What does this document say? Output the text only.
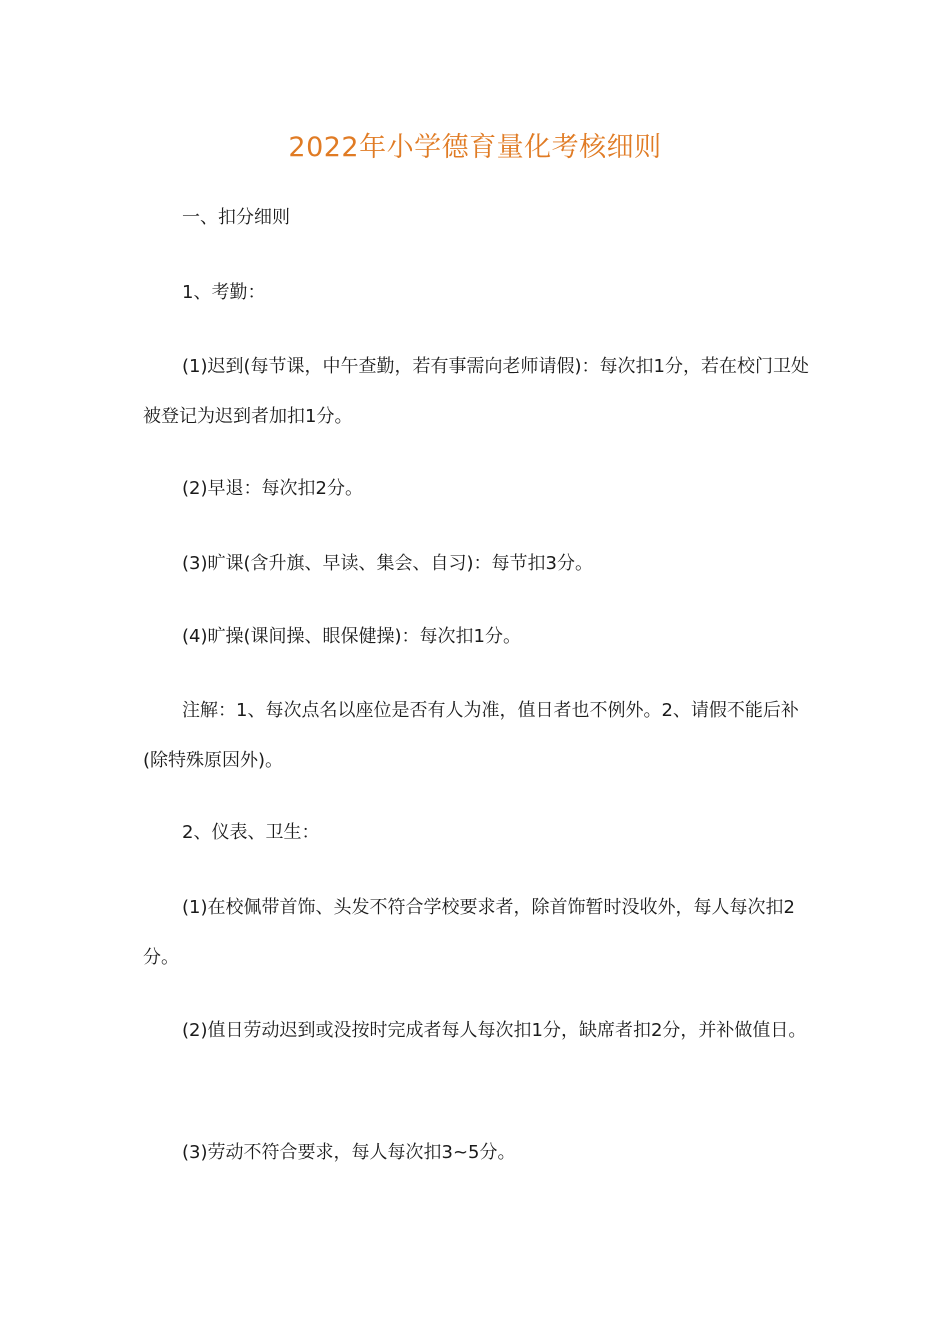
2022年小学德育量化考核细则

一、扣分细则

1、考勤：

(1)迟到(每节课，中午查勤，若有事需向老师请假)：每次扣1分，若在校门卫处被登记为迟到者加扣1分。

(2)早退：每次扣2分。

(3)旷课(含升旗、早读、集会、自习)：每节扣3分。

(4)旷操(课间操、眼保健操)：每次扣1分。

注解：1、每次点名以座位是否有人为准，值日者也不例外。2、请假不能后补(除特殊原因外)。

2、仪表、卫生：

(1)在校佩带首饰、头发不符合学校要求者，除首饰暂时没收外，每人每次扣2分。

(2)值日劳动迟到或没按时完成者每人每次扣1分，缺席者扣2分，并补做值日。

(3)劳动不符合要求，每人每次扣3~5分。
